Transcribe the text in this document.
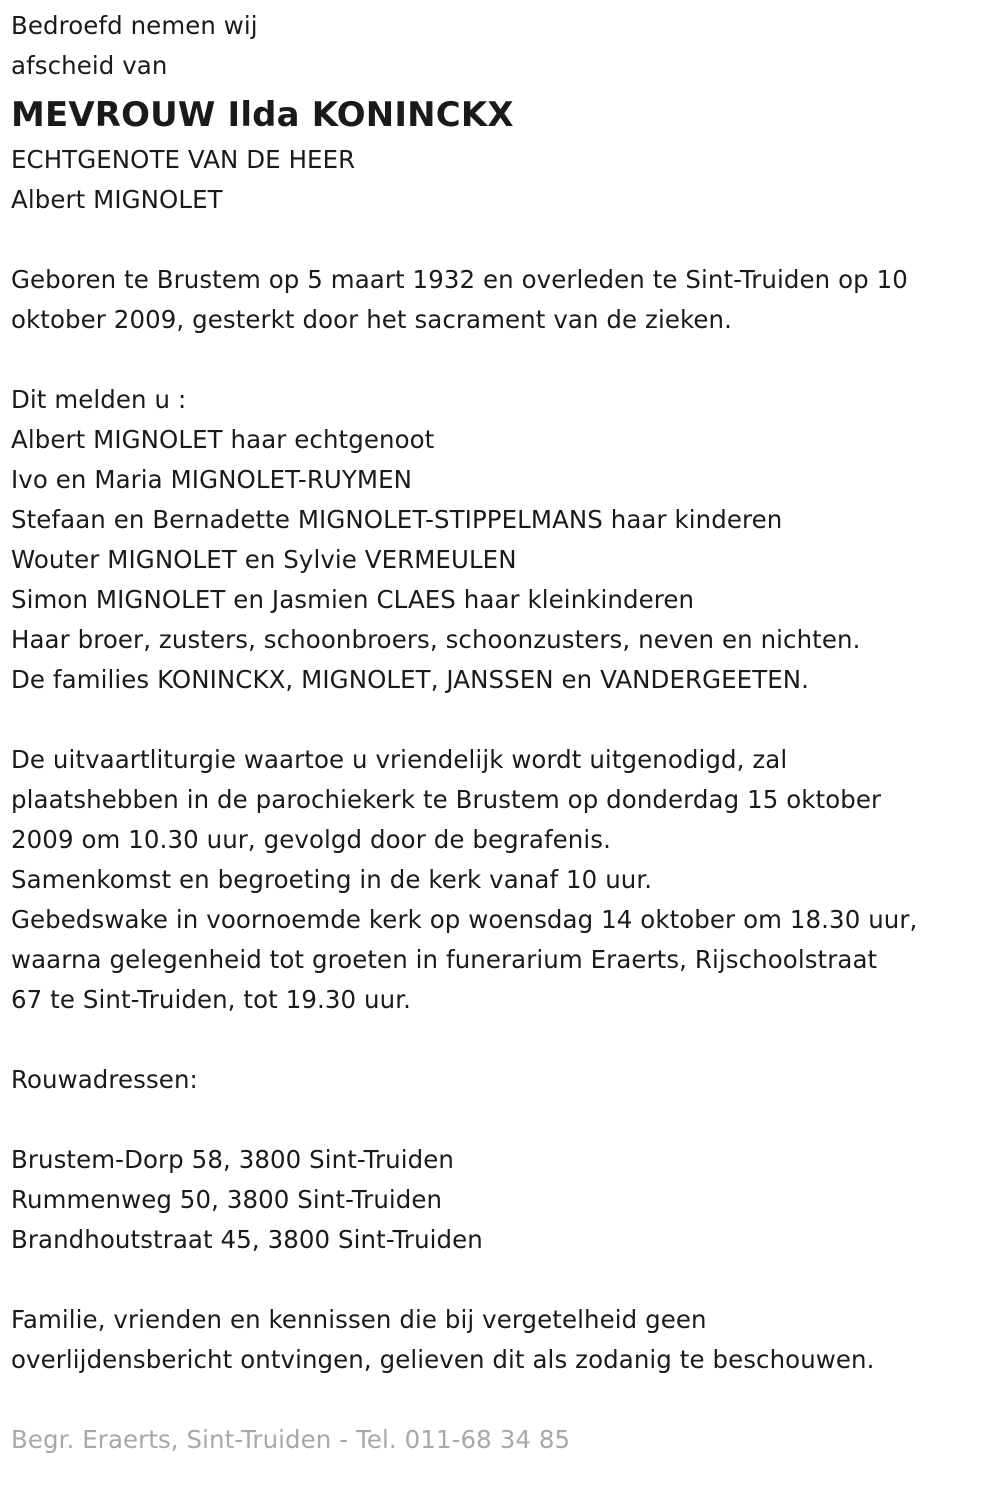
Bedroefd nemen wij
afscheid van
MEVROUW Ilda KONINCKX
ECHTGENOTE VAN DE HEER
Albert MIGNOLET
Geboren te Brustem op 5 maart 1932 en overleden te Sint-Truiden op 10
oktober 2009, gesterkt door het sacrament van de zieken.
Dit melden u :
Albert MIGNOLET haar echtgenoot
Ivo en Maria MIGNOLET-RUYMEN
Stefaan en Bernadette MIGNOLET-STIPPELMANS haar kinderen
Wouter MIGNOLET en Sylvie VERMEULEN
Simon MIGNOLET en Jasmien CLAES haar kleinkinderen
Haar broer, zusters, schoonbroers, schoonzusters, neven en nichten.
De families KONINCKX, MIGNOLET, JANSSEN en VANDERGEETEN.
De uitvaartliturgie waartoe u vriendelijk wordt uitgenodigd, zal
plaatshebben in de parochiekerk te Brustem op donderdag 15 oktober
2009 om 10.30 uur, gevolgd door de begrafenis.
Samenkomst en begroeting in de kerk vanaf 10 uur.
Gebedswake in voornoemde kerk op woensdag 14 oktober om 18.30 uur,
waarna gelegenheid tot groeten in funerarium Eraerts, Rijschoolstraat
67 te Sint-Truiden, tot 19.30 uur.
Rouwadressen:
Brustem-Dorp 58, 3800 Sint-Truiden
Rummenweg 50, 3800 Sint-Truiden
Brandhoutstraat 45, 3800 Sint-Truiden
Familie, vrienden en kennissen die bij vergetelheid geen
overlijdensbericht ontvingen, gelieven dit als zodanig te beschouwen.
Begr. Eraerts, Sint-Truiden - Tel. 011-68 34 85
